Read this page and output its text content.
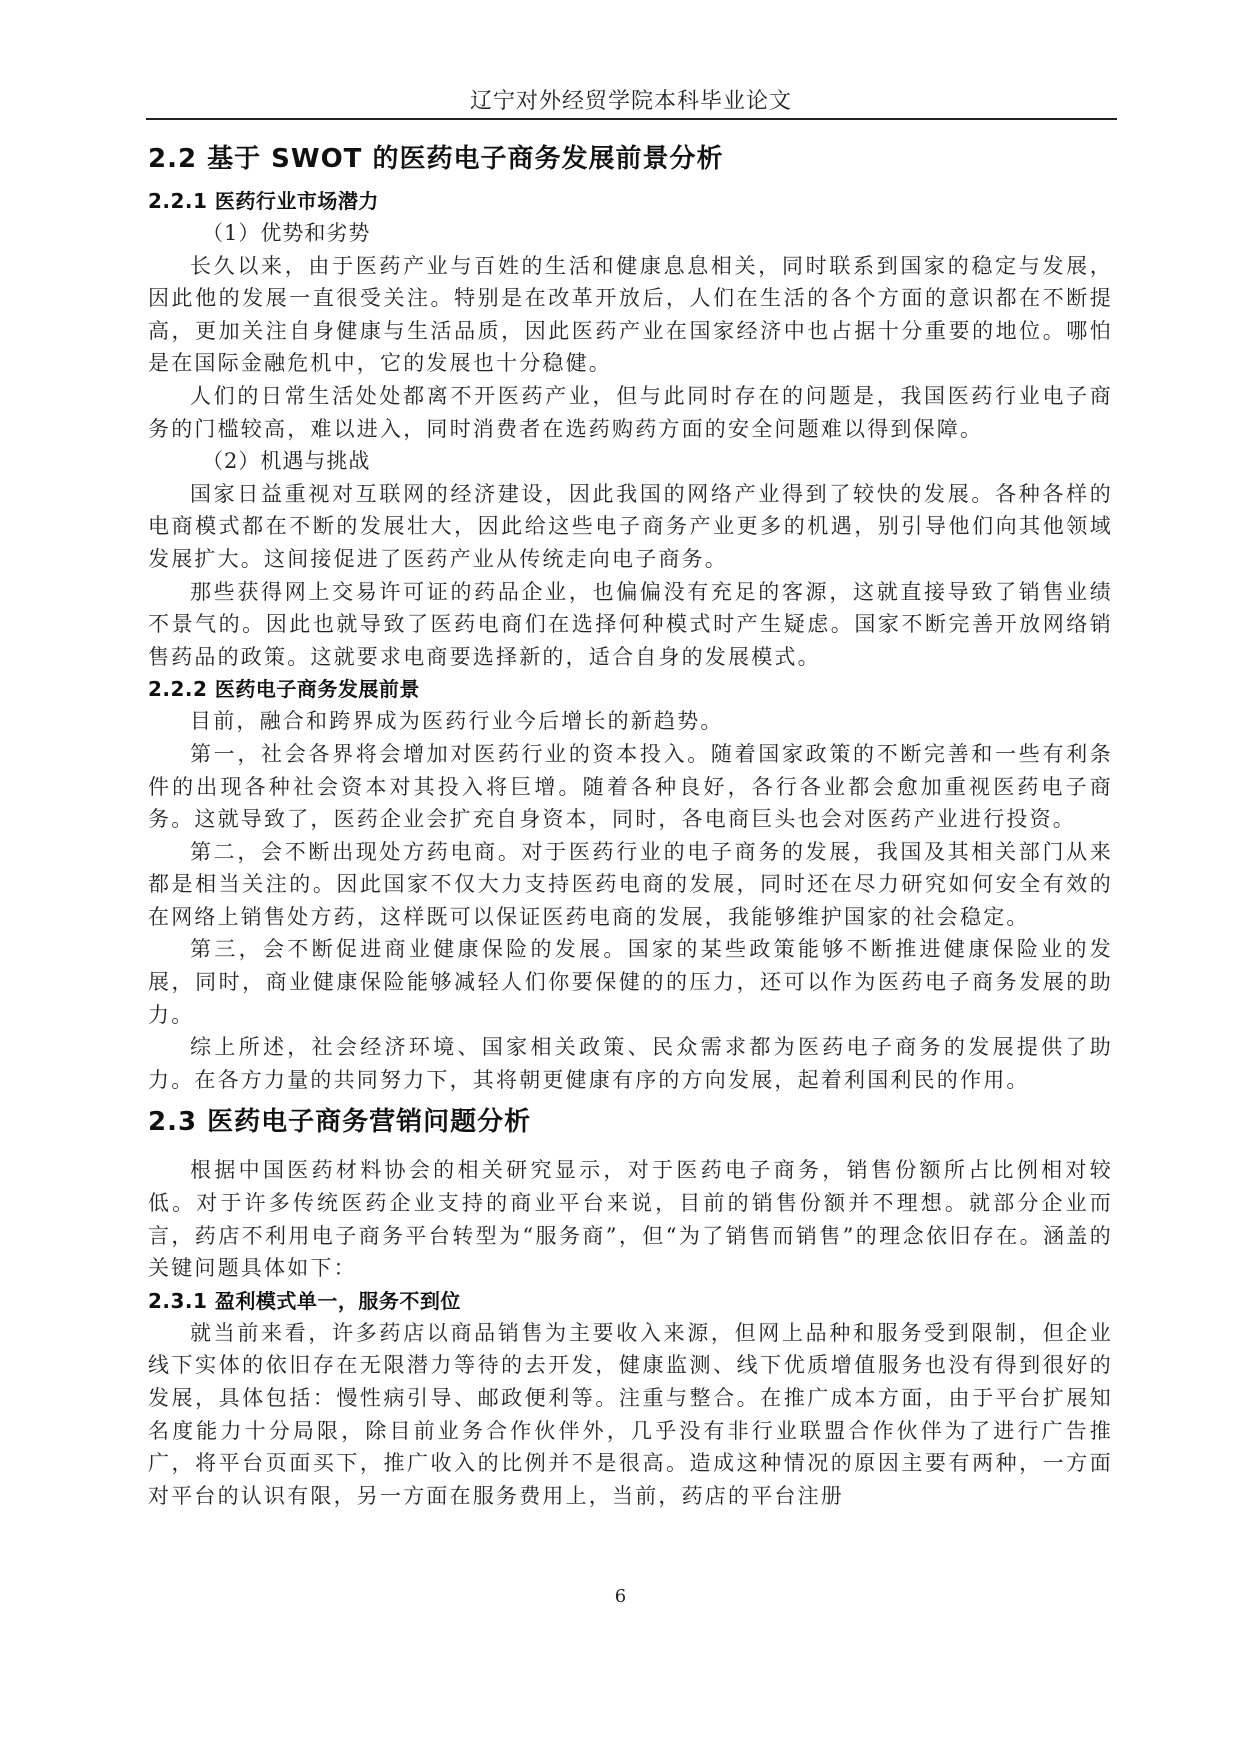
辽宁对外经贸学院本科毕业论文
2.2 基于 SWOT 的医药电子商务发展前景分析
2.2.1 医药行业市场潜力

（1）优势和劣势

长久以来，由于医药产业与百姓的生活和健康息息相关，同时联系到国家的稳定与发展，因此他的发展一直很受关注。特别是在改革开放后，人们在生活的各个方面的意识都在不断提高，更加关注自身健康与生活品质，因此医药产业在国家经济中也占据十分重要的地位。哪怕是在国际金融危机中，它的发展也十分稳健。

人们的日常生活处处都离不开医药产业，但与此同时存在的问题是，我国医药行业电子商务的门槛较高，难以进入，同时消费者在选药购药方面的安全问题难以得到保障。

（2）机遇与挑战

国家日益重视对互联网的经济建设，因此我国的网络产业得到了较快的发展。各种各样的电商模式都在不断的发展壮大，因此给这些电子商务产业更多的机遇，别引导他们向其他领域发展扩大。这间接促进了医药产业从传统走向电子商务。

那些获得网上交易许可证的药品企业，也偏偏没有充足的客源，这就直接导致了销售业绩不景气的。因此也就导致了医药电商们在选择何种模式时产生疑虑。国家不断完善开放网络销售药品的政策。这就要求电商要选择新的，适合自身的发展模式。

2.2.2 医药电子商务发展前景

目前，融合和跨界成为医药行业今后增长的新趋势。

第一，社会各界将会增加对医药行业的资本投入。随着国家政策的不断完善和一些有利条件的出现各种社会资本对其投入将巨增。随着各种良好，各行各业都会愈加重视医药电子商务。这就导致了，医药企业会扩充自身资本，同时，各电商巨头也会对医药产业进行投资。

第二，会不断出现处方药电商。对于医药行业的电子商务的发展，我国及其相关部门从来都是相当关注的。因此国家不仅大力支持医药电商的发展，同时还在尽力研究如何安全有效的在网络上销售处方药，这样既可以保证医药电商的发展，我能够维护国家的社会稳定。

第三，会不断促进商业健康保险的发展。国家的某些政策能够不断推进健康保险业的发展，同时，商业健康保险能够减轻人们你要保健的的压力，还可以作为医药电子商务发展的助力。

综上所述，社会经济环境、国家相关政策、民众需求都为医药电子商务的发展提供了助力。在各方力量的共同努力下，其将朝更健康有序的方向发展，起着利国利民的作用。

2.3 医药电子商务营销问题分析

根据中国医药材料协会的相关研究显示，对于医药电子商务，销售份额所占比例相对较低。对于许多传统医药企业支持的商业平台来说，目前的销售份额并不理想。就部分企业而言，药店不利用电子商务平台转型为“服务商”，但“为了销售而销售”的理念依旧存在。涵盖的关键问题具体如下：

2.3.1 盈利模式单一，服务不到位

就当前来看，许多药店以商品销售为主要收入来源，但网上品种和服务受到限制，但企业线下实体的依旧存在无限潜力等待的去开发，健康监测、线下优质增值服务也没有得到很好的发展，具体包括：慢性病引导、邮政便利等。注重与整合。在推广成本方面，由于平台扩展知名度能力十分局限，除目前业务合作伙伴外，几乎没有非行业联盟合作伙伴为了进行广告推广，将平台页面买下，推广收入的比例并不是很高。造成这种情况的原因主要有两种，一方面对平台的认识有限，另一方面在服务费用上，当前，药店的平台注册

6
